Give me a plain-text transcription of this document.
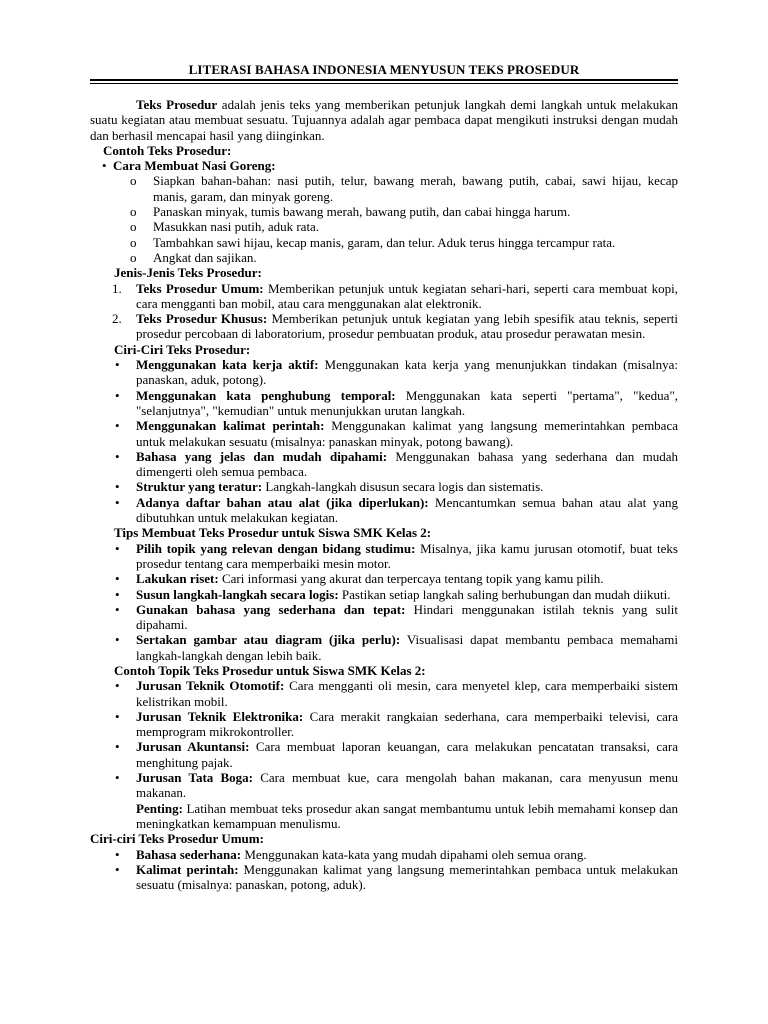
LITERASI BAHASA INDONESIA MENYUSUN TEKS PROSEDUR

Teks Prosedur adalah jenis teks yang memberikan petunjuk langkah demi langkah untuk melakukan suatu kegiatan atau membuat sesuatu. Tujuannya adalah agar pembaca dapat mengikuti instruksi dengan mudah dan berhasil mencapai hasil yang diinginkan.

Contoh Teks Prosedur:

• Cara Membuat Nasi Goreng:
o Siapkan bahan-bahan: nasi putih, telur, bawang merah, bawang putih, cabai, sawi hijau, kecap manis, garam, dan minyak goreng.
o Panaskan minyak, tumis bawang merah, bawang putih, dan cabai hingga harum.
o Masukkan nasi putih, aduk rata.
o Tambahkan sawi hijau, kecap manis, garam, dan telur. Aduk terus hingga tercampur rata.
o Angkat dan sajikan.

Jenis-Jenis Teks Prosedur:

1. Teks Prosedur Umum: Memberikan petunjuk untuk kegiatan sehari-hari, seperti cara membuat kopi, cara mengganti ban mobil, atau cara menggunakan alat elektronik.
2. Teks Prosedur Khusus: Memberikan petunjuk untuk kegiatan yang lebih spesifik atau teknis, seperti prosedur percobaan di laboratorium, prosedur pembuatan produk, atau prosedur perawatan mesin.

Ciri-Ciri Teks Prosedur:

• Menggunakan kata kerja aktif: Menggunakan kata kerja yang menunjukkan tindakan (misalnya: panaskan, aduk, potong).
• Menggunakan kata penghubung temporal: Menggunakan kata seperti "pertama", "kedua", "selanjutnya", "kemudian" untuk menunjukkan urutan langkah.
• Menggunakan kalimat perintah: Menggunakan kalimat yang langsung memerintahkan pembaca untuk melakukan sesuatu (misalnya: panaskan minyak, potong bawang).
• Bahasa yang jelas dan mudah dipahami: Menggunakan bahasa yang sederhana dan mudah dimengerti oleh semua pembaca.
• Struktur yang teratur: Langkah-langkah disusun secara logis dan sistematis.
• Adanya daftar bahan atau alat (jika diperlukan): Mencantumkan semua bahan atau alat yang dibutuhkan untuk melakukan kegiatan.

Tips Membuat Teks Prosedur untuk Siswa SMK Kelas 2:

• Pilih topik yang relevan dengan bidang studimu: Misalnya, jika kamu jurusan otomotif, buat teks prosedur tentang cara memperbaiki mesin motor.
• Lakukan riset: Cari informasi yang akurat dan terpercaya tentang topik yang kamu pilih.
• Susun langkah-langkah secara logis: Pastikan setiap langkah saling berhubungan dan mudah diikuti.
• Gunakan bahasa yang sederhana dan tepat: Hindari menggunakan istilah teknis yang sulit dipahami.
• Sertakan gambar atau diagram (jika perlu): Visualisasi dapat membantu pembaca memahami langkah-langkah dengan lebih baik.

Contoh Topik Teks Prosedur untuk Siswa SMK Kelas 2:

• Jurusan Teknik Otomotif: Cara mengganti oli mesin, cara menyetel klep, cara memperbaiki sistem kelistrikan mobil.
• Jurusan Teknik Elektronika: Cara merakit rangkaian sederhana, cara memperbaiki televisi, cara memprogram mikrokontroller.
• Jurusan Akuntansi: Cara membuat laporan keuangan, cara melakukan pencatatan transaksi, cara menghitung pajak.
• Jurusan Tata Boga: Cara membuat kue, cara mengolah bahan makanan, cara menyusun menu makanan.

Penting: Latihan membuat teks prosedur akan sangat membantumu untuk lebih memahami konsep dan meningkatkan kemampuan menulismu.

Ciri-ciri Teks Prosedur Umum:

• Bahasa sederhana: Menggunakan kata-kata yang mudah dipahami oleh semua orang.
• Kalimat perintah: Menggunakan kalimat yang langsung memerintahkan pembaca untuk melakukan sesuatu (misalnya: panaskan, potong, aduk).
